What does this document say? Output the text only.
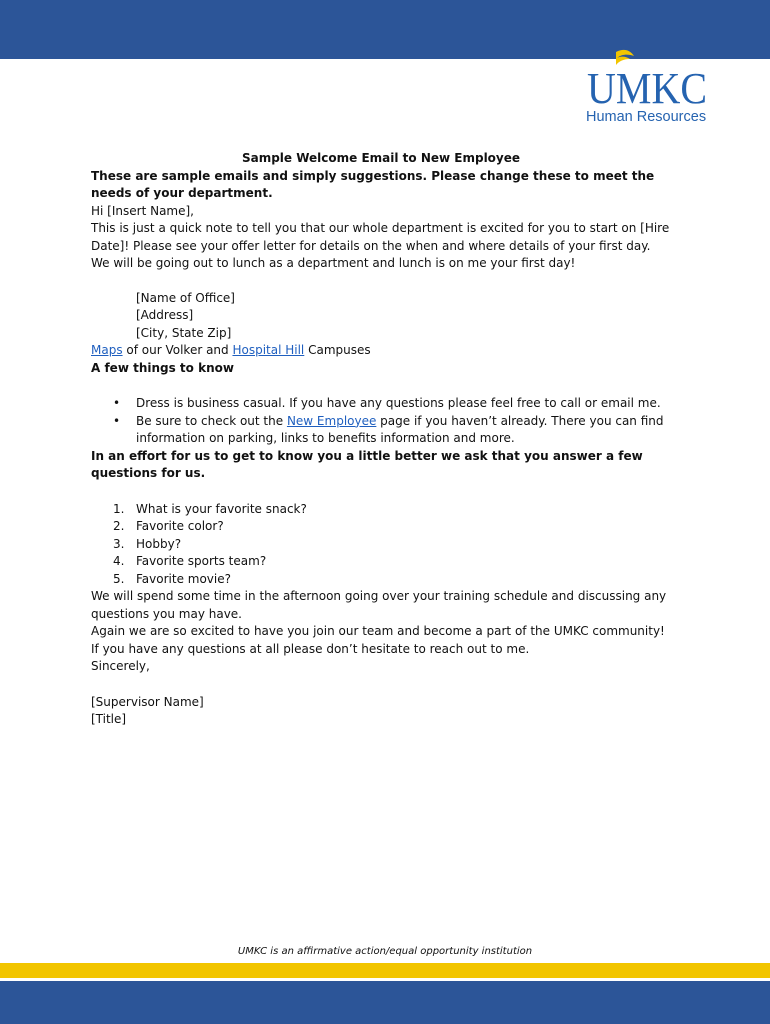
UMKC
Human Resources

Sample Welcome Email to New Employee

These are sample emails and simply suggestions. Please change these to meet the needs of your department.

Hi [Insert Name],

This is just a quick note to tell you that our whole department is excited for you to start on [Hire Date]! Please see your offer letter for details on the when and where details of your first day. We will be going out to lunch as a department and lunch is on me your first day!

[Name of Office]

[Address]

[City, State Zip]

Maps of our Volker and Hospital Hill Campuses

A few things to know

• Dress is business casual. If you have any questions please feel free to call or email me.
• Be sure to check out the New Employee page if you haven’t already. There you can find information on parking, links to benefits information and more.

In an effort for us to get to know you a little better we ask that you answer a few questions for us.

1. What is your favorite snack?
2. Favorite color?
3. Hobby?
4. Favorite sports team?
5. Favorite movie?

We will spend some time in the afternoon going over your training schedule and discussing any questions you may have.

Again we are so excited to have you join our team and become a part of the UMKC community! If you have any questions at all please don’t hesitate to reach out to me.

Sincerely,

[Supervisor Name]

[Title]

UMKC is an affirmative action/equal opportunity institution
